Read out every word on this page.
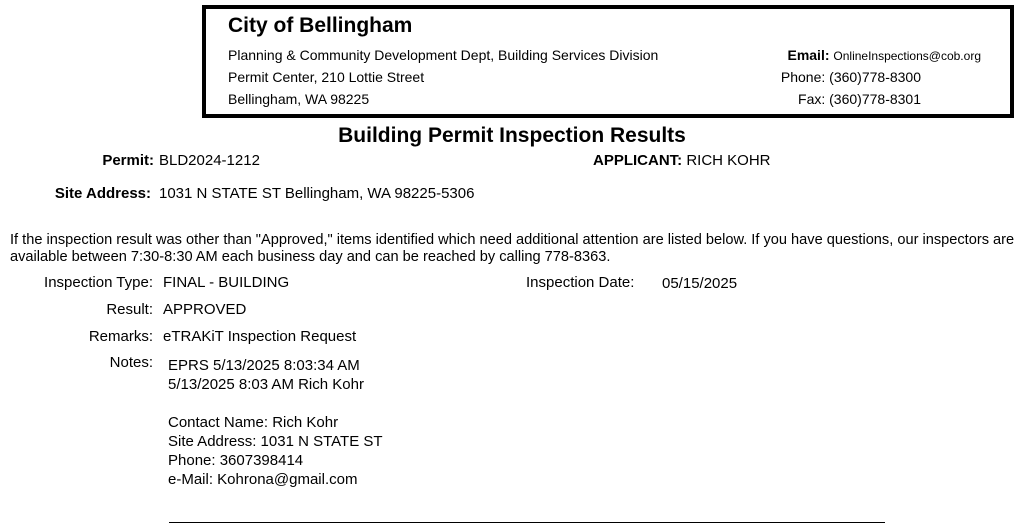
City of Bellingham
Planning & Community Development Dept, Building Services Division
Permit Center, 210 Lottie Street
Bellingham, WA 98225
Email: OnlineInspections@cob.org
Phone: (360)778-8300
Fax: (360)778-8301
Building Permit Inspection Results
Permit: BLD2024-1212	APPLICANT: RICH KOHR
Site Address: 1031 N STATE ST Bellingham, WA 98225-5306
If the inspection result was other than "Approved," items identified which need additional attention are listed below. If you have questions, our inspectors are available between 7:30-8:30 AM each business day and can be reached by calling 778-8363.
Inspection Type: FINAL - BUILDING	Inspection Date: 05/15/2025
Result: APPROVED
Remarks: eTRAKiT Inspection Request
Notes: EPRS 5/13/2025 8:03:34 AM
5/13/2025 8:03 AM Rich Kohr
Contact Name: Rich Kohr
Site Address: 1031 N STATE ST
Phone: 3607398414
e-Mail: Kohrona@gmail.com
